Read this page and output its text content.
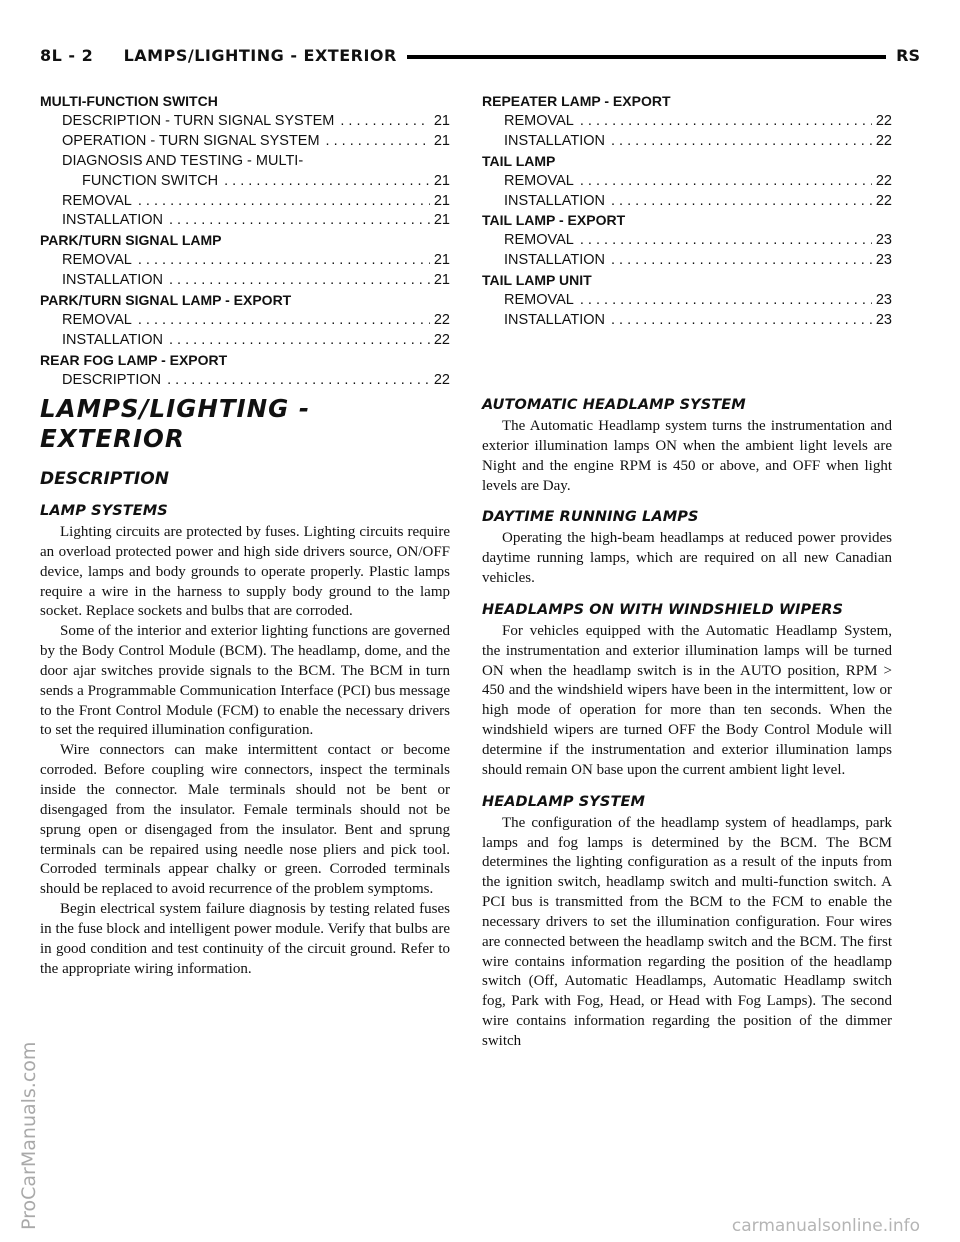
8L - 2     LAMPS/LIGHTING - EXTERIOR	RS
MULTI-FUNCTION SWITCH
DESCRIPTION - TURN SIGNAL SYSTEM . . .	21
OPERATION - TURN SIGNAL SYSTEM . . .	21
DIAGNOSIS AND TESTING - MULTI-
FUNCTION SWITCH . . .	21
REMOVAL . . .	21
INSTALLATION . . .	21
PARK/TURN SIGNAL LAMP
REMOVAL . . .	21
INSTALLATION . . .	21
PARK/TURN SIGNAL LAMP - EXPORT
REMOVAL . . .	22
INSTALLATION . . .	22
REAR FOG LAMP - EXPORT
DESCRIPTION . . .	22
REPEATER LAMP - EXPORT
REMOVAL . . .	22
INSTALLATION . . .	22
TAIL LAMP
REMOVAL . . .	22
INSTALLATION . . .	22
TAIL LAMP - EXPORT
REMOVAL . . .	23
INSTALLATION . . .	23
TAIL LAMP UNIT
REMOVAL . . .	23
INSTALLATION . . .	23
LAMPS/LIGHTING - EXTERIOR
DESCRIPTION
LAMP SYSTEMS

Lighting circuits are protected by fuses. Lighting circuits require an overload protected power and high side drivers source, ON/OFF device, lamps and body grounds to operate properly. Plastic lamps require a wire in the harness to supply body ground to the lamp socket. Replace sockets and bulbs that are corroded.

Some of the interior and exterior lighting functions are governed by the Body Control Module (BCM). The headlamp, dome, and the door ajar switches provide signals to the BCM. The BCM in turn sends a Programmable Communication Interface (PCI) bus message to the Front Control Module (FCM) to enable the necessary drivers to set the required illumination configuration.

Wire connectors can make intermittent contact or become corroded. Before coupling wire connectors, inspect the terminals inside the connector. Male terminals should not be bent or disengaged from the insulator. Female terminals should not be sprung open or disengaged from the insulator. Bent and sprung terminals can be repaired using needle nose pliers and pick tool. Corroded terminals appear chalky or green. Corroded terminals should be replaced to avoid recurrence of the problem symptoms.

Begin electrical system failure diagnosis by testing related fuses in the fuse block and intelligent power module. Verify that bulbs are in good condition and test continuity of the circuit ground. Refer to the appropriate wiring information.

AUTOMATIC HEADLAMP SYSTEM

The Automatic Headlamp system turns the instrumentation and exterior illumination lamps ON when the ambient light levels are Night and the engine RPM is 450 or above, and OFF when light levels are Day.

DAYTIME RUNNING LAMPS

Operating the high-beam headlamps at reduced power provides daytime running lamps, which are required on all new Canadian vehicles.

HEADLAMPS ON WITH WINDSHIELD WIPERS

For vehicles equipped with the Automatic Headlamp System, the instrumentation and exterior illumination lamps will be turned ON when the headlamp switch is in the AUTO position, RPM > 450 and the windshield wipers have been in the intermittent, low or high mode of operation for more than ten seconds. When the windshield wipers are turned OFF the Body Control Module will determine if the instrumentation and exterior illumination lamps should remain ON base upon the current ambient light level.

HEADLAMP SYSTEM

The configuration of the headlamp system of headlamps, park lamps and fog lamps is determined by the BCM. The BCM determines the lighting configuration as a result of the inputs from the ignition switch, headlamp switch and multi-function switch. A PCI bus is transmitted from the BCM to the FCM to enable the necessary drivers to set the illumination configuration. Four wires are connected between the headlamp switch and the BCM. The first wire contains information regarding the position of the headlamp switch (Off, Automatic Headlamps, Automatic Headlamp switch fog, Park with Fog, Head, or Head with Fog Lamps). The second wire contains information regarding the position of the dimmer switch

ProCarManuals.com	carmanualsonline.info
